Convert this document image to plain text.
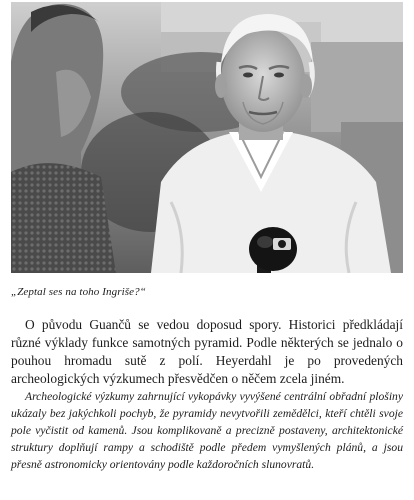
„Zeptal ses na toho Ingriše?“

O původu Guančů se vedou doposud spory. Historici předkládají různé výklady funkce samotných pyramid. Podle některých se jednalo o pouhou hromadu sutě z polí. Heyerdahl je po provedených archeologických výzkumech přesvědčen o něčem zcela jiném.

Archeologické výzkumy zahrnující vykopávky vyvýšené centrální obřadní plošiny ukázaly bez jakýchkoli pochyb, že pyramidy nevytvořili zemědělci, kteří chtěli svoje pole vyčistit od kamenů. Jsou komplikovaně a precizně postaveny, architektonické struktury doplňují rampy a schodiště podle předem vymyšlených plánů, a jsou přesně astronomicky orientovány podle každoročních slunovratů.
